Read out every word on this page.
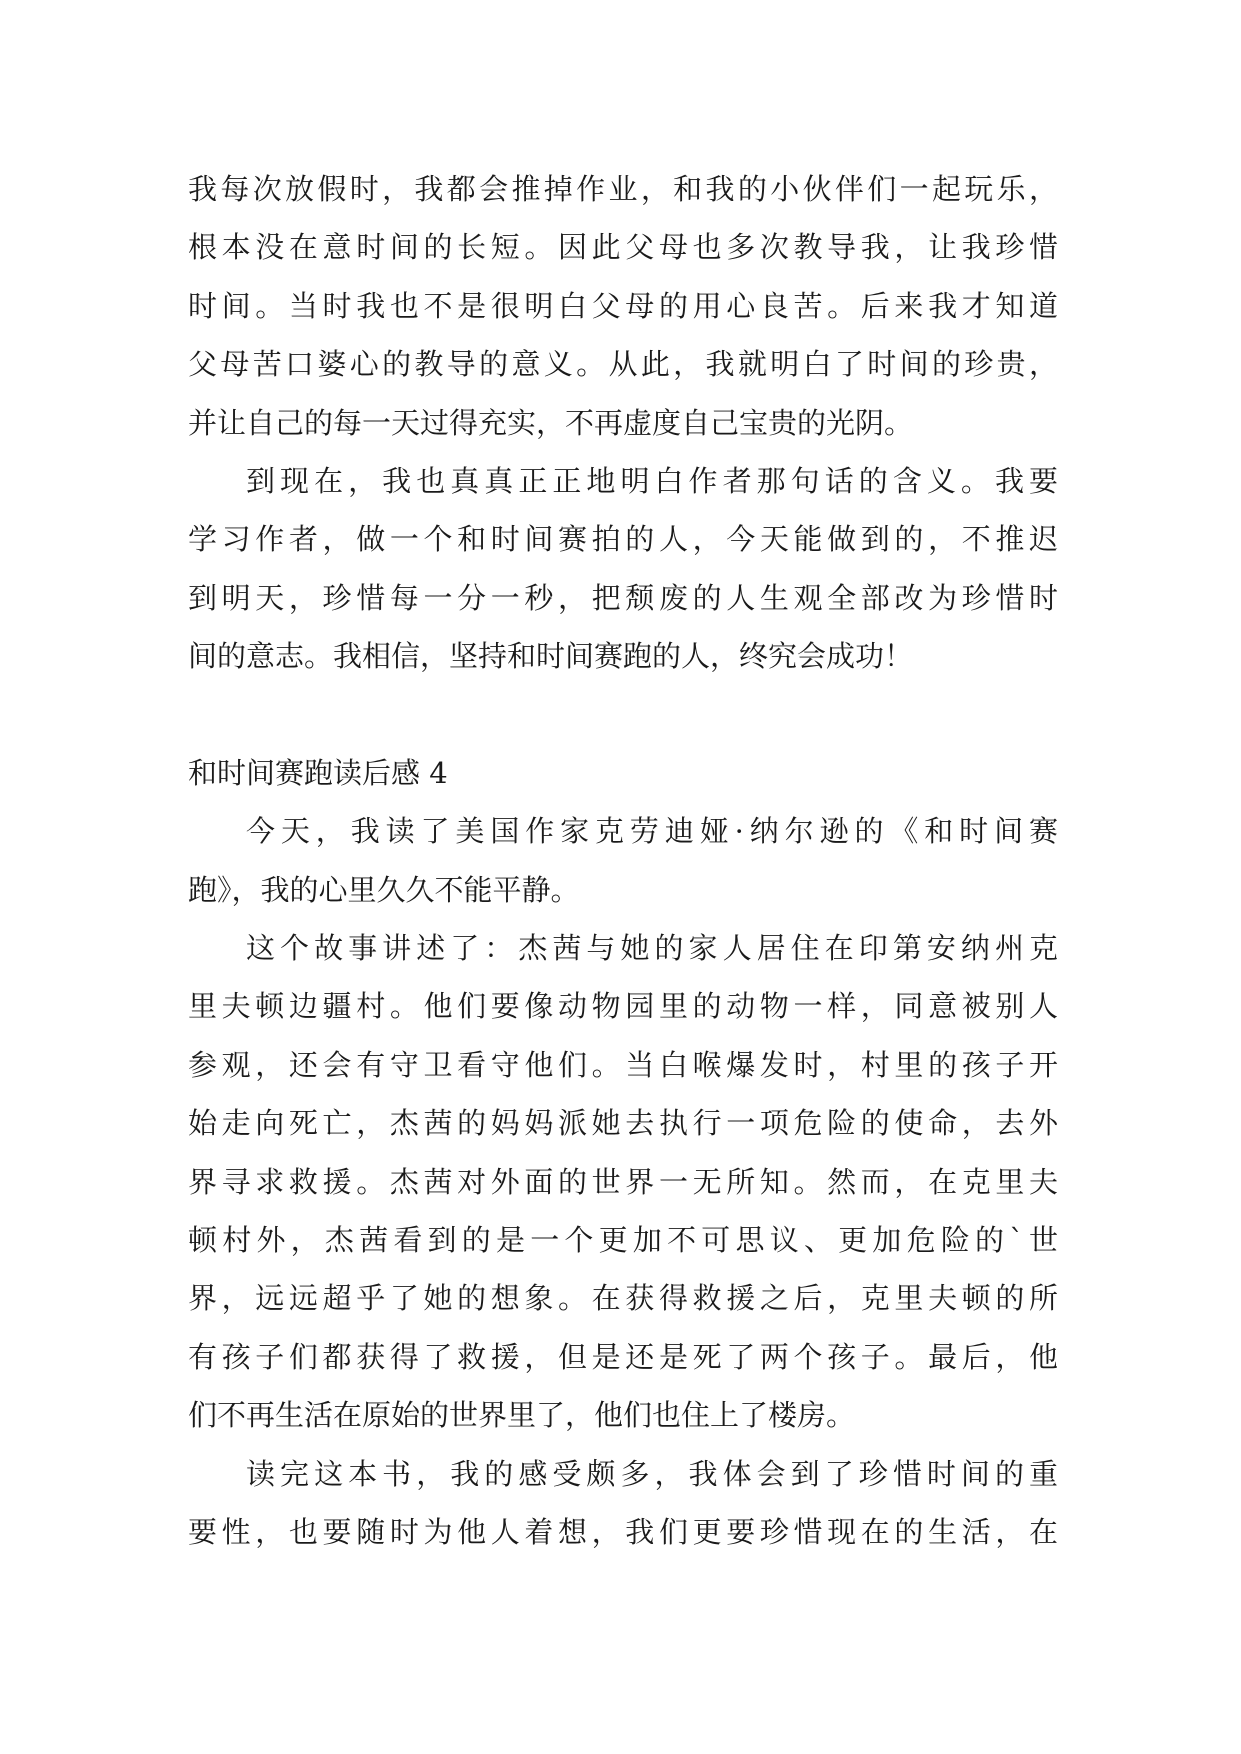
我每次放假时，我都会推掉作业，和我的小伙伴们一起玩乐，
根本没在意时间的长短。因此父母也多次教导我，让我珍惜
时间。当时我也不是很明白父母的用心良苦。后来我才知道
父母苦口婆心的教导的意义。从此，我就明白了时间的珍贵，
并让自己的每一天过得充实，不再虚度自己宝贵的光阴。
到现在，我也真真正正地明白作者那句话的含义。我要
学习作者，做一个和时间赛拍的人，今天能做到的，不推迟
到明天，珍惜每一分一秒，把颓废的人生观全部改为珍惜时
间的意志。我相信，坚持和时间赛跑的人，终究会成功！
和时间赛跑读后感 4
今天，我读了美国作家克劳迪娅·纳尔逊的《和时间赛
跑》，我的心里久久不能平静。
这个故事讲述了：杰茜与她的家人居住在印第安纳州克
里夫顿边疆村。他们要像动物园里的动物一样，同意被别人
参观，还会有守卫看守他们。当白喉爆发时，村里的孩子开
始走向死亡，杰茜的妈妈派她去执行一项危险的使命，去外
界寻求救援。杰茜对外面的世界一无所知。然而，在克里夫
顿村外，杰茜看到的是一个更加不可思议、更加危险的`世
界，远远超乎了她的想象。在获得救援之后，克里夫顿的所
有孩子们都获得了救援，但是还是死了两个孩子。最后，他
们不再生活在原始的世界里了，他们也住上了楼房。
读完这本书，我的感受颇多，我体会到了珍惜时间的重
要性，也要随时为他人着想，我们更要珍惜现在的生活，在
